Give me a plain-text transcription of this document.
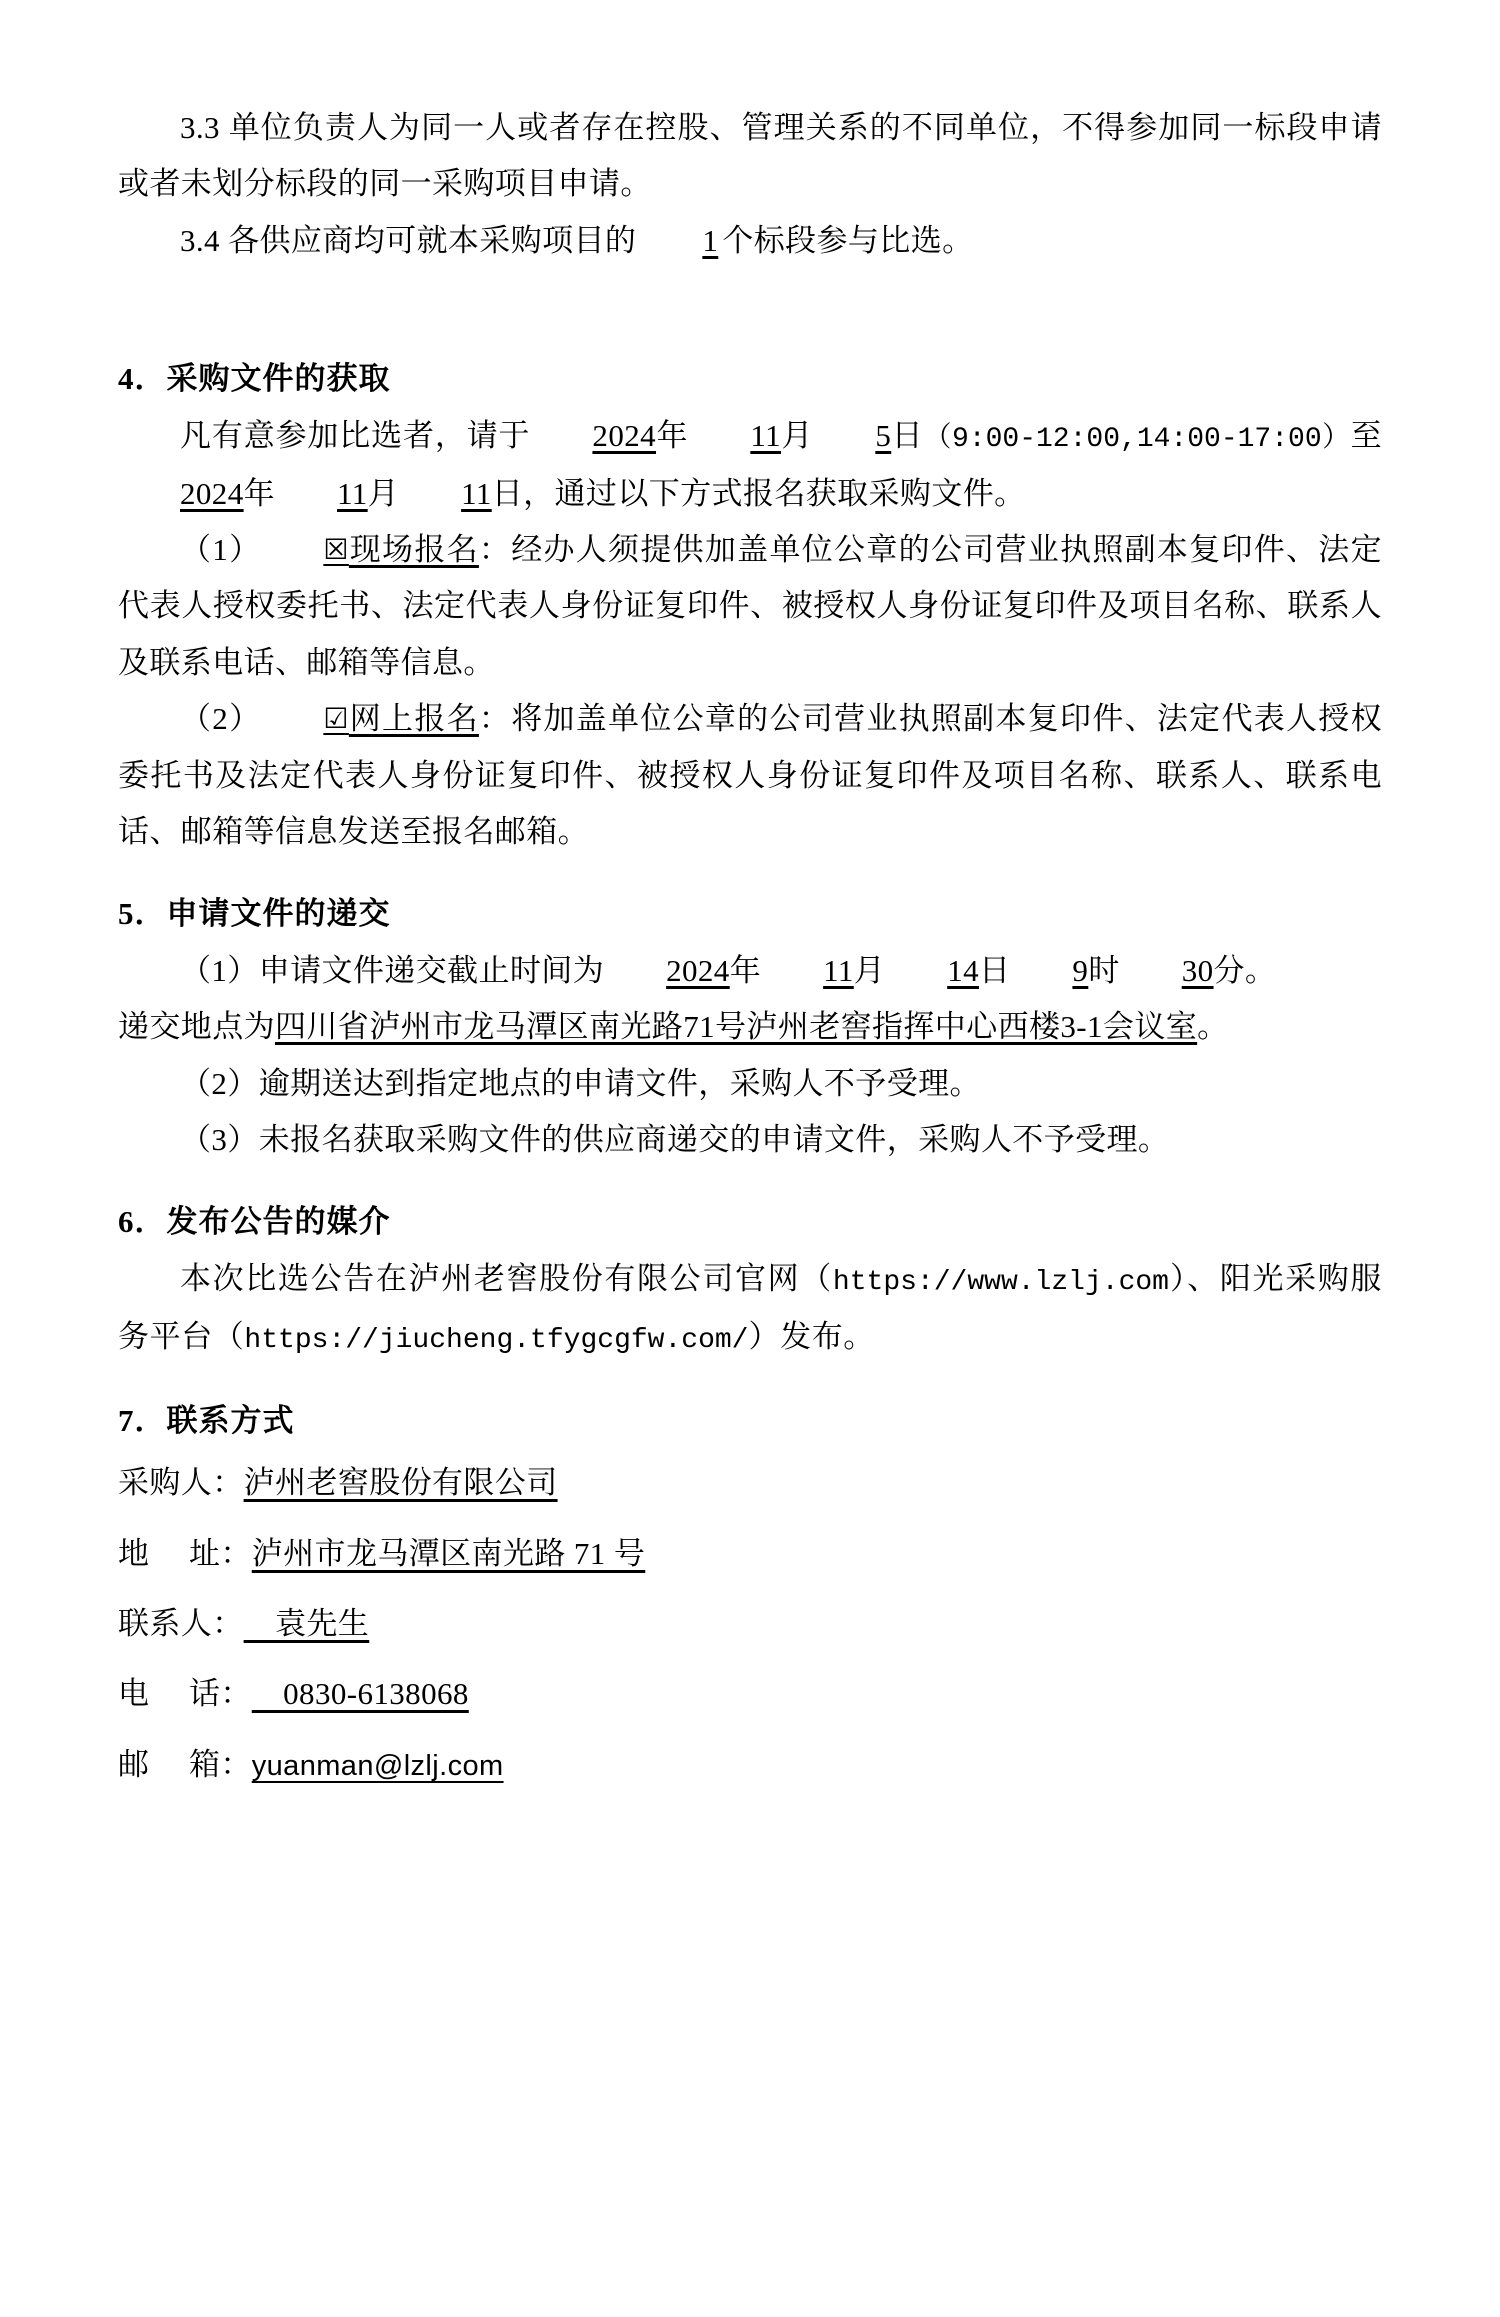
3.3 单位负责人为同一人或者存在控股、管理关系的不同单位，不得参加同一标段申请或者未划分标段的同一采购项目申请。

3.4 各供应商均可就本采购项目的 1 个标段参与比选。

4．采购文件的获取

凡有意参加比选者，请于 2024年 11月 5日（9:00-12:00,14:00-17:00）至2024年 11月 11日，通过以下方式报名获取采购文件。

（1） ☒现场报名：经办人须提供加盖单位公章的公司营业执照副本复印件、法定代表人授权委托书、法定代表人身份证复印件、被授权人身份证复印件及项目名称、联系人及联系电话、邮箱等信息。

（2） ☑网上报名：将加盖单位公章的公司营业执照副本复印件、法定代表人授权委托书及法定代表人身份证复印件、被授权人身份证复印件及项目名称、联系人、联系电话、邮箱等信息发送至报名邮箱。

5．申请文件的递交

（1）申请文件递交截止时间为 2024年 11月 14日 9时 30分。

递交地点为四川省泸州市龙马潭区南光路71号泸州老窖指挥中心西楼3-1会议室。

（2）逾期送达到指定地点的申请文件，采购人不予受理。

（3）未报名获取采购文件的供应商递交的申请文件，采购人不予受理。

6．发布公告的媒介

本次比选公告在泸州老窖股份有限公司官网（https://www.lzlj.com）、阳光采购服务平台（https://jiucheng.tfygcgfw.com/）发布。

7．联系方式

采购人： 泸州老窖股份有限公司
地　 址： 泸州市龙马潭区南光路 71 号
联系人： 　袁先生
电　 话： 　0830-6138068
邮　 箱： yuanman@lzlj.com
